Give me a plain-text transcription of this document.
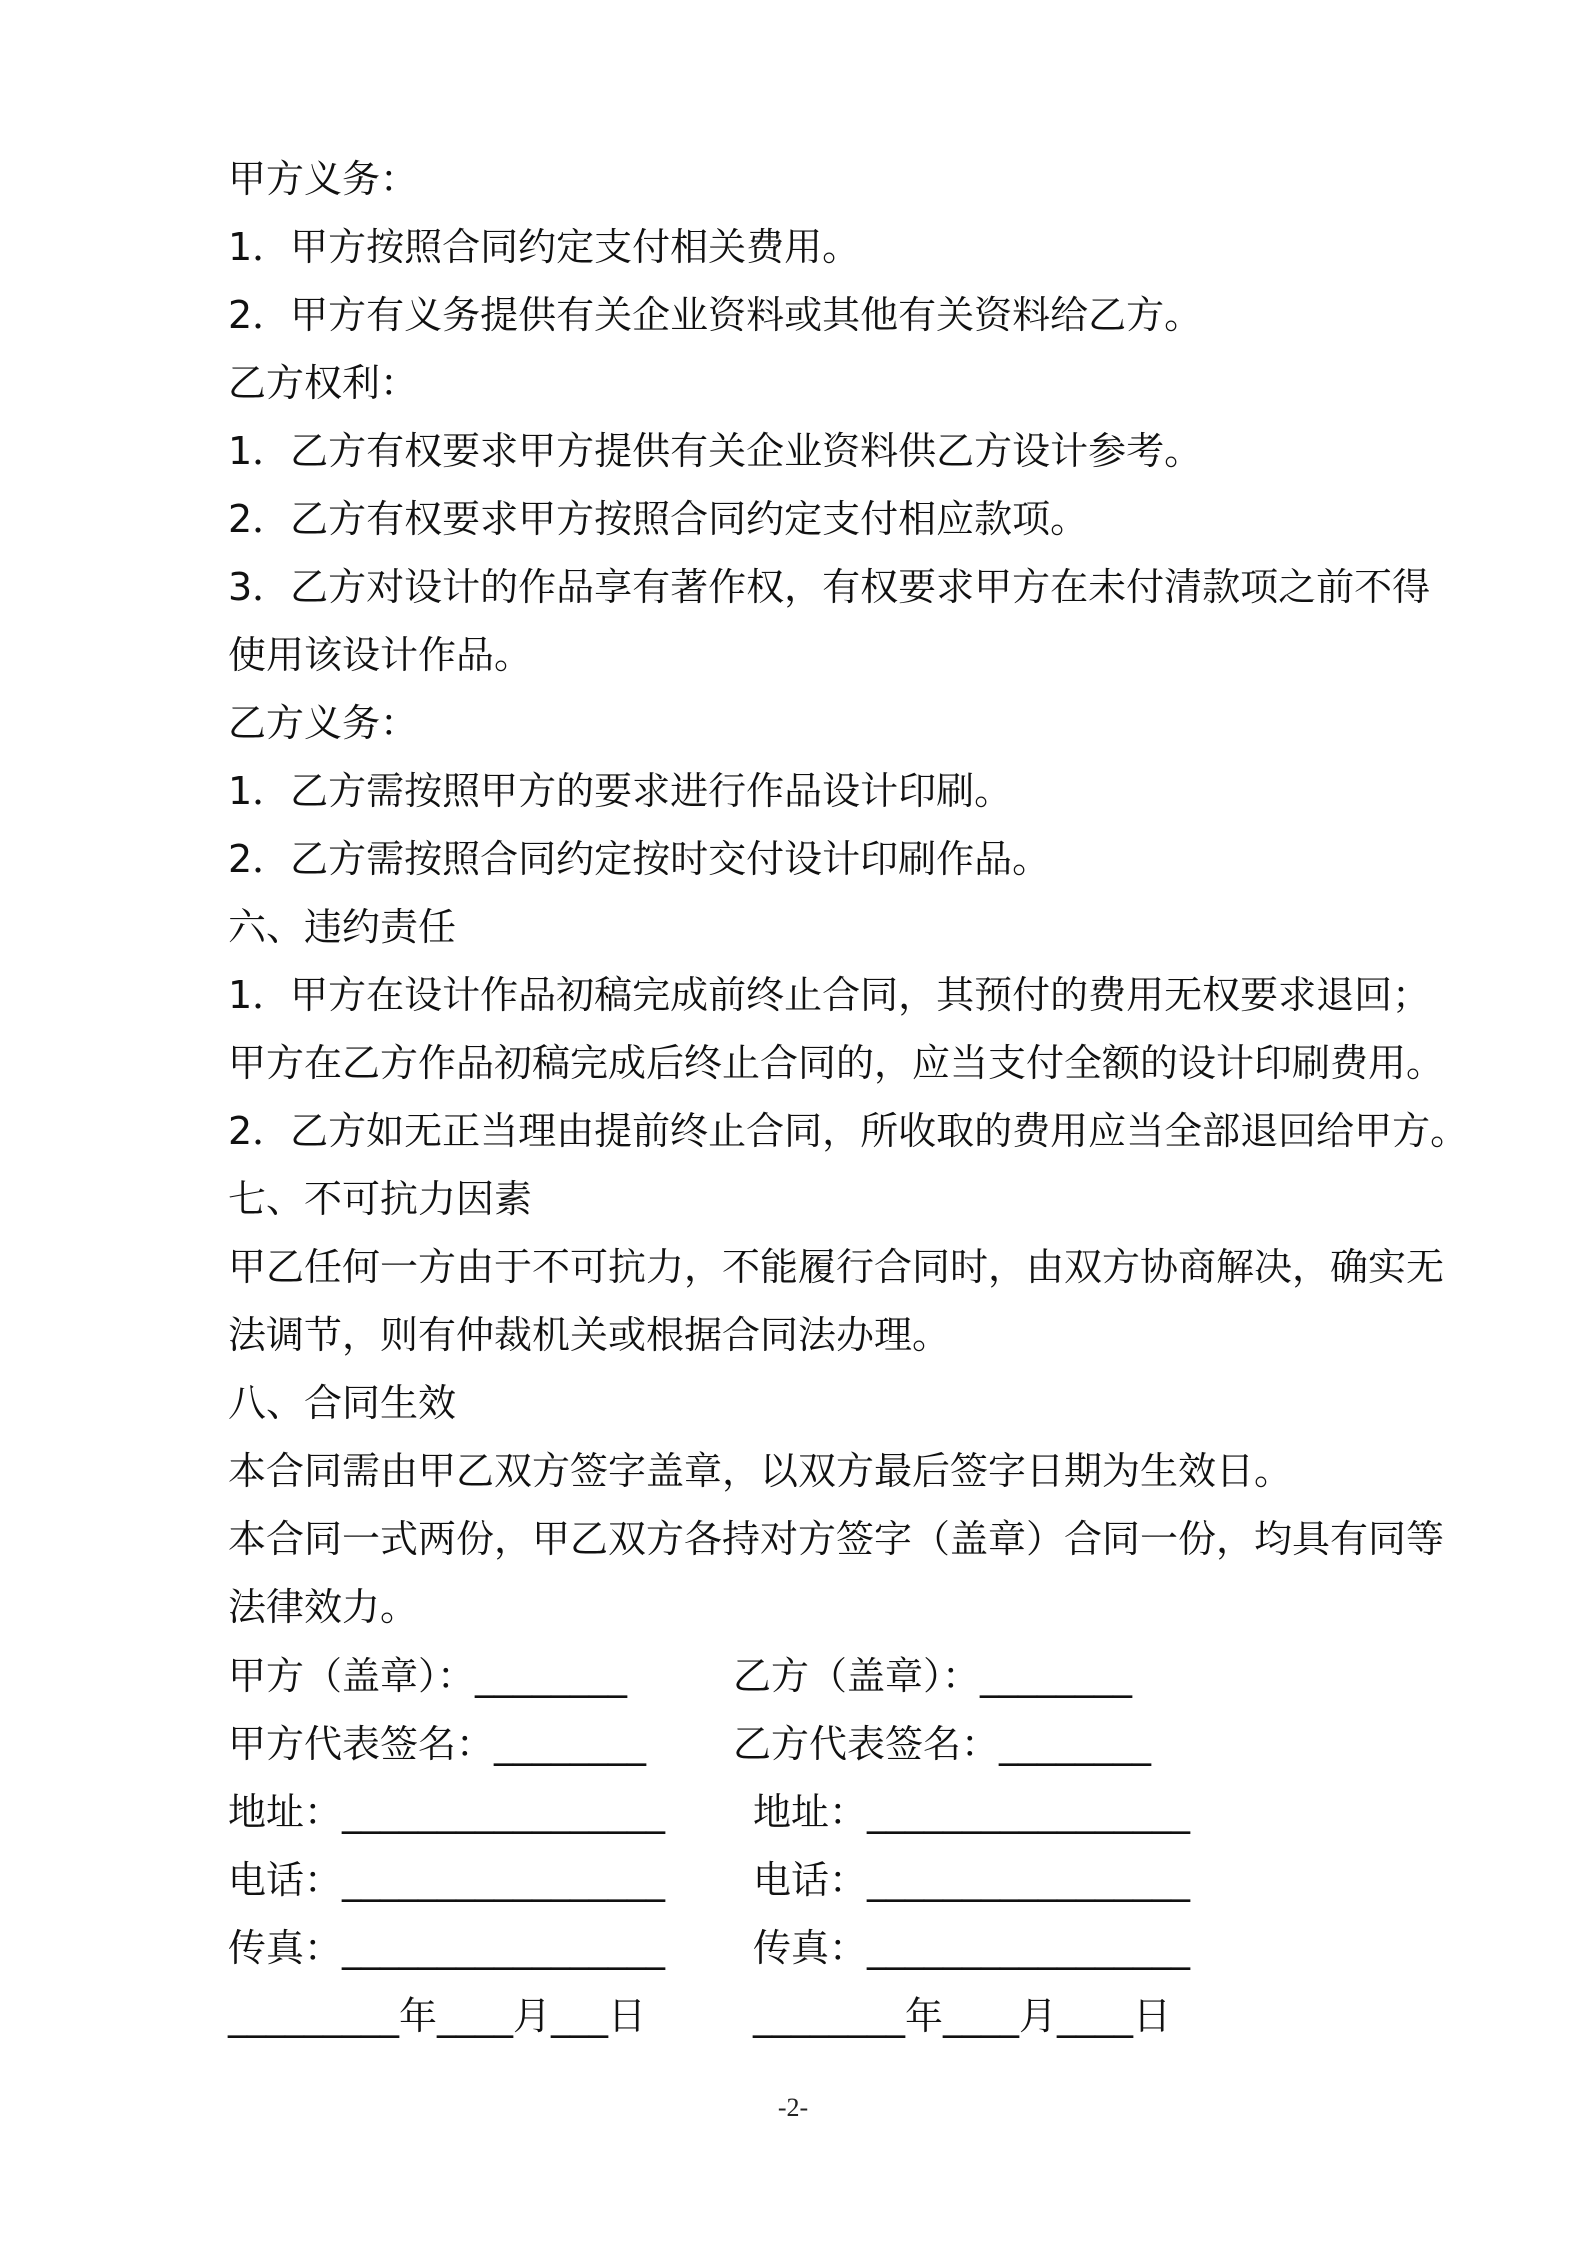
甲方义务：

1．甲方按照合同约定支付相关费用。

2．甲方有义务提供有关企业资料或其他有关资料给乙方。

乙方权利：

1．乙方有权要求甲方提供有关企业资料供乙方设计参考。

2．乙方有权要求甲方按照合同约定支付相应款项。

3．乙方对设计的作品享有著作权，有权要求甲方在未付清款项之前不得使用该设计作品。

乙方义务：

1．乙方需按照甲方的要求进行作品设计印刷。

2．乙方需按照合同约定按时交付设计印刷作品。

六、违约责任

1．甲方在设计作品初稿完成前终止合同，其预付的费用无权要求退回；甲方在乙方作品初稿完成后终止合同的，应当支付全额的设计印刷费用。

2．乙方如无正当理由提前终止合同，所收取的费用应当全部退回给甲方。

七、不可抗力因素

甲乙任何一方由于不可抗力，不能履行合同时，由双方协商解决，确实无法调节，则有仲裁机关或根据合同法办理。

八、合同生效

本合同需由甲乙双方签字盖章，以双方最后签字日期为生效日。

本合同一式两份，甲乙双方各持对方签字（盖章）合同一份，均具有同等法律效力。

甲方（盖章）：________	乙方（盖章）：________
甲方代表签名：________ 乙方代表签名：________
地址：_________________ 地址：_________________
电话：_________________ 电话：_________________
传真：_________________ 传真：_________________
_________年____月___日	________年____月____日
-2-
